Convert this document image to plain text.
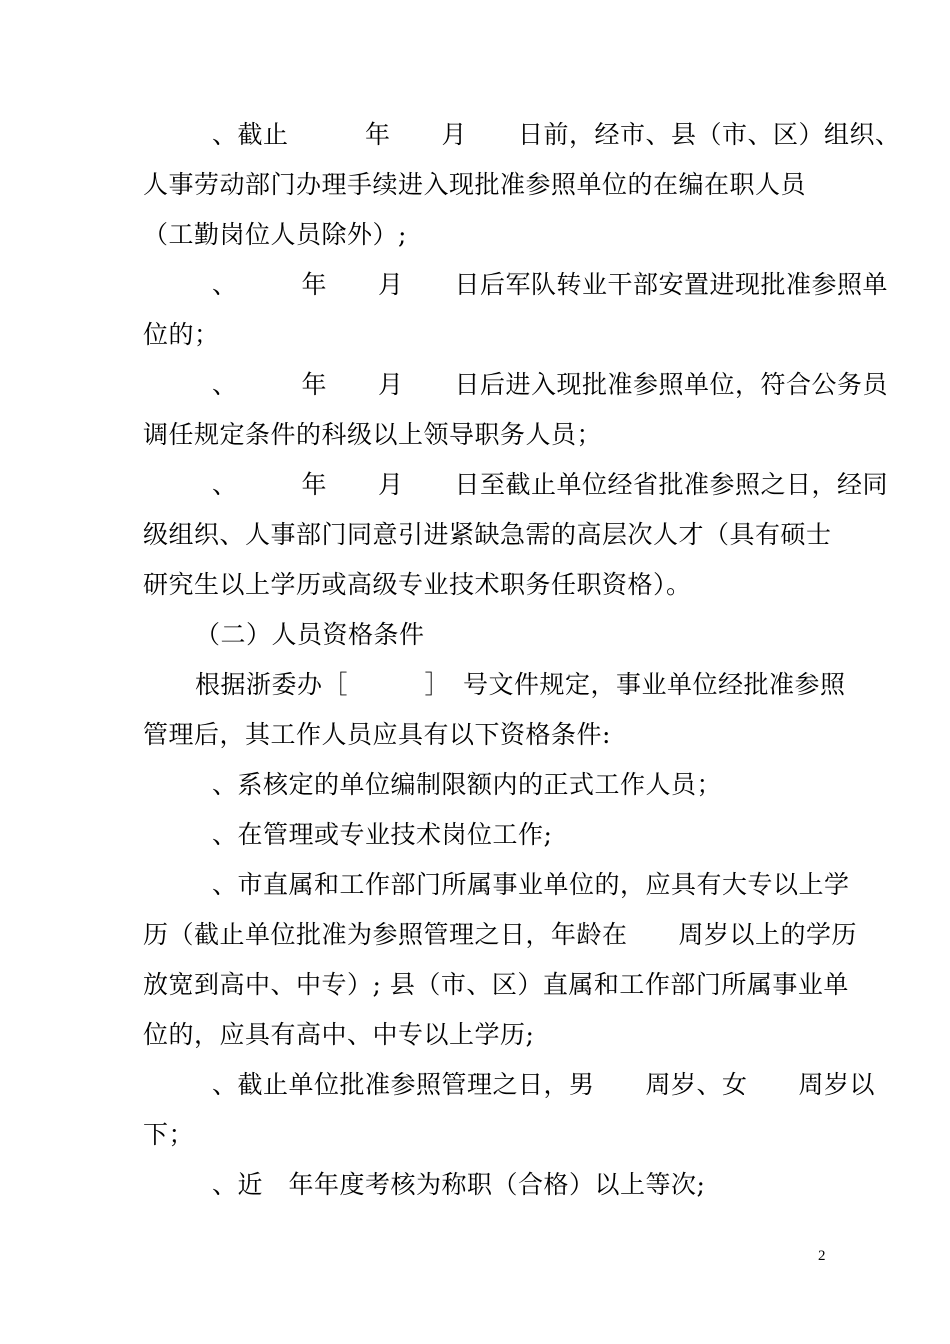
、截止　　　年　　月　　日前，经市、县（市、区）组织、
人事劳动部门办理手续进入现批准参照单位的在编在职人员
（工勤岗位人员除外）;
、　　　年　　月　　日后军队转业干部安置进现批准参照单
位的；
、　　　年　　月　　日后进入现批准参照单位，符合公务员
调任规定条件的科级以上领导职务人员；
、　　　年　　月　　日至截止单位经省批准参照之日，经同
级组织、人事部门同意引进紧缺急需的高层次人才（具有硕士
研究生以上学历或高级专业技术职务任职资格）。
（二）人员资格条件
根据浙委办［　　　］　号文件规定，事业单位经批准参照
管理后，其工作人员应具有以下资格条件:
、系核定的单位编制限额内的正式工作人员；
、在管理或专业技术岗位工作;
、市直属和工作部门所属事业单位的，应具有大专以上学
历（截止单位批准为参照管理之日，年龄在　　周岁以上的学历
放宽到高中、中专）; 县（市、区）直属和工作部门所属事业单
位的，应具有高中、中专以上学历;
、截止单位批准参照管理之日，男　　周岁、女　　周岁以
下；
、近　年年度考核为称职（合格）以上等次;
2
